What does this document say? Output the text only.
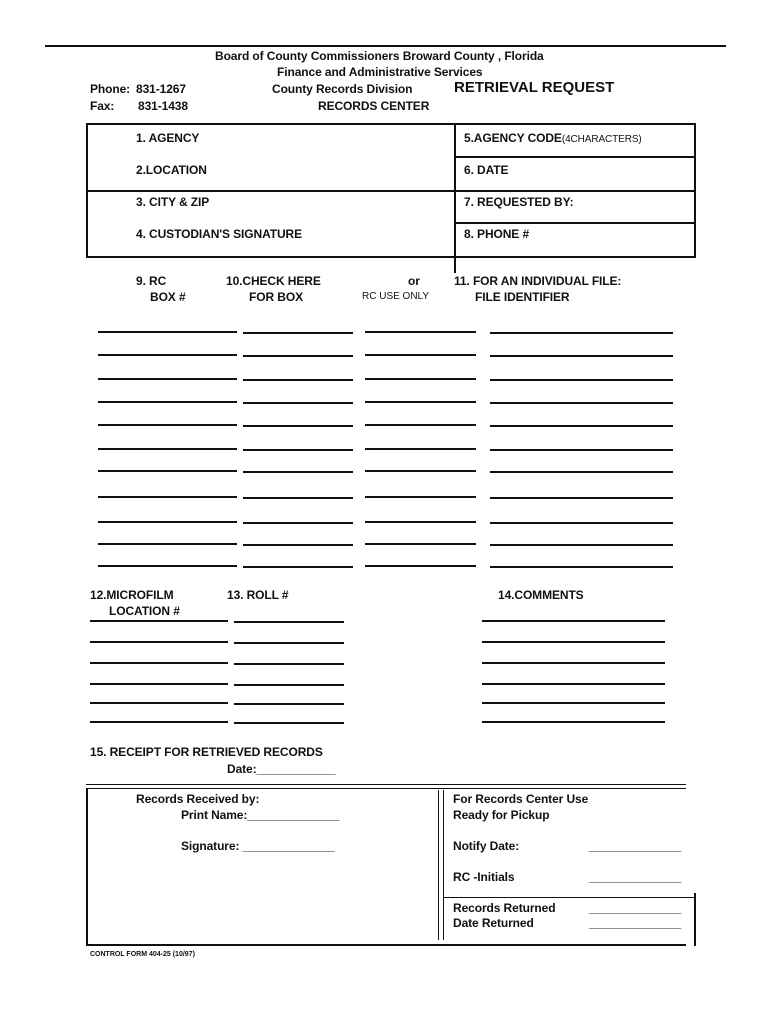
Board of County Commissioners Broward County , Florida
Finance and Administrative Services
County Records Division
RECORDS CENTER
Phone: 831-1267
Fax: 831-1438
RETRIEVAL REQUEST
1. AGENCY	5.AGENCY CODE(4CHARACTERS)
2.LOCATION	6. DATE
3. CITY & ZIP	7. REQUESTED BY:
4. CUSTODIAN'S SIGNATURE	8. PHONE #
9. RC
BOX #
10.CHECK HERE
FOR BOX
or
RC USE ONLY
11. FOR AN INDIVIDUAL FILE:
FILE IDENTIFIER
12.MICROFILM
LOCATION #
13. ROLL #	14.COMMENTS
15. RECEIPT FOR RETRIEVED RECORDS
Date:____________
Records Received by:
Print Name:______________
Signature: ______________
For Records Center Use
Ready for Pickup
Notify Date:	______________
RC -Initials	______________
Records Returned	______________
Date Returned	______________
CONTROL FORM 404-25 (10/97)
